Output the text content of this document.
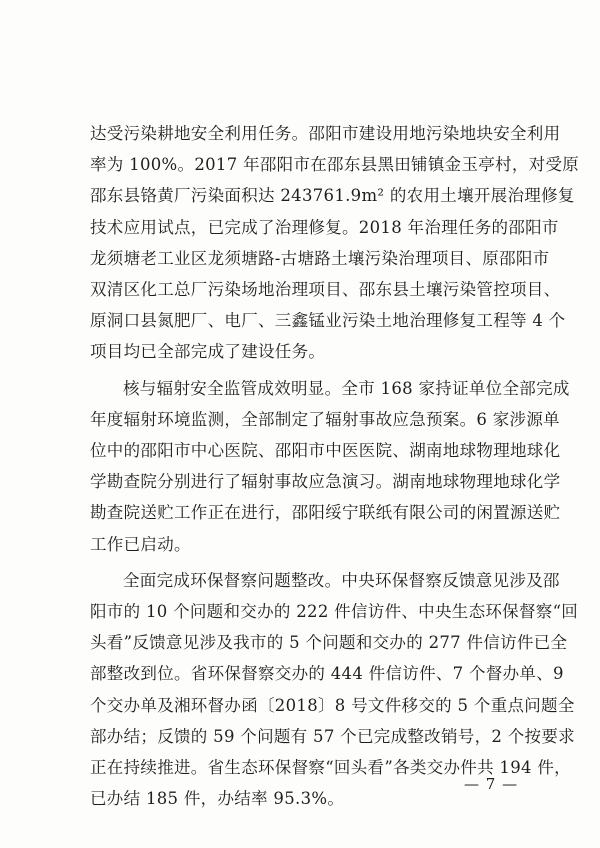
达受污染耕地安全利用任务。邵阳市建设用地污染地块安全利用
率为 100%。2017 年邵阳市在邵东县黑田铺镇金玉亭村，对受原
邵东县铬黄厂污染面积达 243761.9m² 的农用土壤开展治理修复
技术应用试点，已完成了治理修复。2018 年治理任务的邵阳市
龙须塘老工业区龙须塘路-古塘路土壤污染治理项目、原邵阳市
双清区化工总厂污染场地治理项目、邵东县土壤污染管控项目、
原洞口县氮肥厂、电厂、三鑫锰业污染土地治理修复工程等 4 个
项目均已全部完成了建设任务。
核与辐射安全监管成效明显。全市 168 家持证单位全部完成
年度辐射环境监测，全部制定了辐射事故应急预案。6 家涉源单
位中的邵阳市中心医院、邵阳市中医医院、湖南地球物理地球化
学勘查院分别进行了辐射事故应急演习。湖南地球物理地球化学
勘查院送贮工作正在进行，邵阳绥宁联纸有限公司的闲置源送贮
工作已启动。
全面完成环保督察问题整改。中央环保督察反馈意见涉及邵
阳市的 10 个问题和交办的 222 件信访件、中央生态环保督察“回
头看”反馈意见涉及我市的 5 个问题和交办的 277 件信访件已全
部整改到位。省环保督察交办的 444 件信访件、7 个督办单、9
个交办单及湘环督办函〔2018〕8 号文件移交的 5 个重点问题全
部办结；反馈的 59 个问题有 57 个已完成整改销号，2 个按要求
正在持续推进。省生态环保督察“回头看”各类交办件共 194 件，
已办结 185 件，办结率 95.3%。
— 7 —
